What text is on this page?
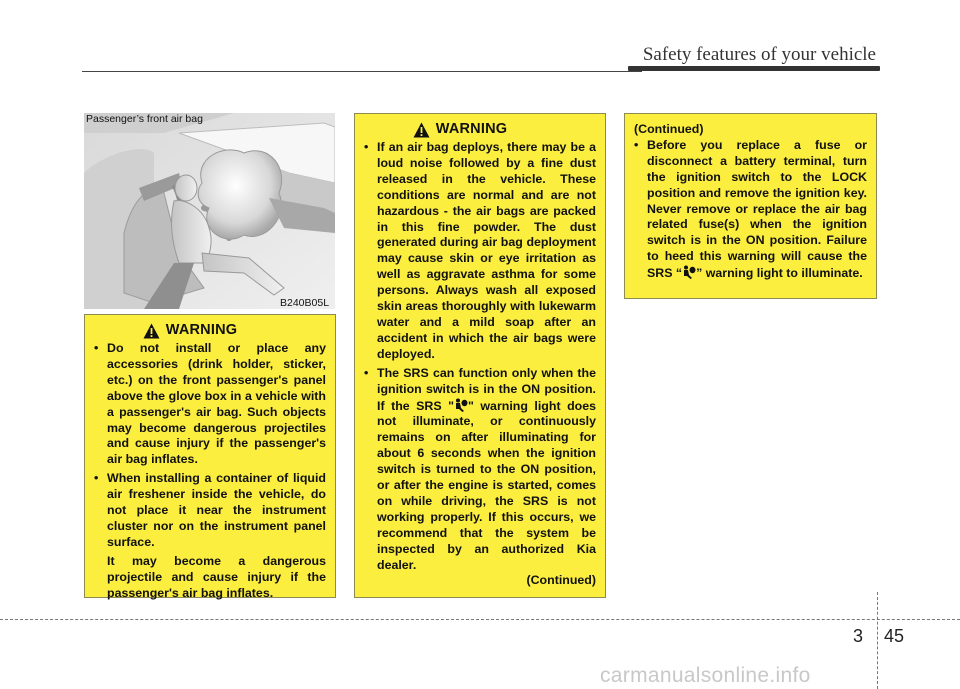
Safety features of your vehicle
Passenger’s front air bag
B240B05L
WARNING
• Do not install or place any accessories (drink holder, sticker, etc.) on the front passenger's panel above the glove box in a vehicle with a passenger's air bag. Such objects may become dangerous projectiles and cause injury if the passenger's air bag inflates.
• When installing a container of liquid air freshener inside the vehicle, do not place it near the instrument cluster nor on the instrument panel surface.
It may become a dangerous projectile and cause injury if the passenger's air bag inflates.
WARNING
• If an air bag deploys, there may be a loud noise followed by a fine dust released in the vehicle. These conditions are normal and are not hazardous - the air bags are packed in this fine powder. The dust generated during air bag deployment may cause skin or eye irritation as well as aggravate asthma for some persons. Always wash all exposed skin areas thoroughly with lukewarm water and a mild soap after an accident in which the air bags were deployed.
• The SRS can function only when the ignition switch is in the ON position. If the SRS " " warning light does not illuminate, or continuously remains on after illuminating for about 6 seconds when the ignition switch is turned to the ON position, or after the engine is started, comes on while driving, the SRS is not working properly. If this occurs, we recommend that the system be inspected by an authorized Kia dealer.
(Continued)
(Continued)
• Before you replace a fuse or disconnect a battery terminal, turn the ignition switch to the LOCK position and remove the ignition key. Never remove or replace the air bag related fuse(s) when the ignition switch is in the ON position. Failure to heed this warning will cause the SRS “ ” warning light to illuminate.
3 45
carmanualsonline.info
